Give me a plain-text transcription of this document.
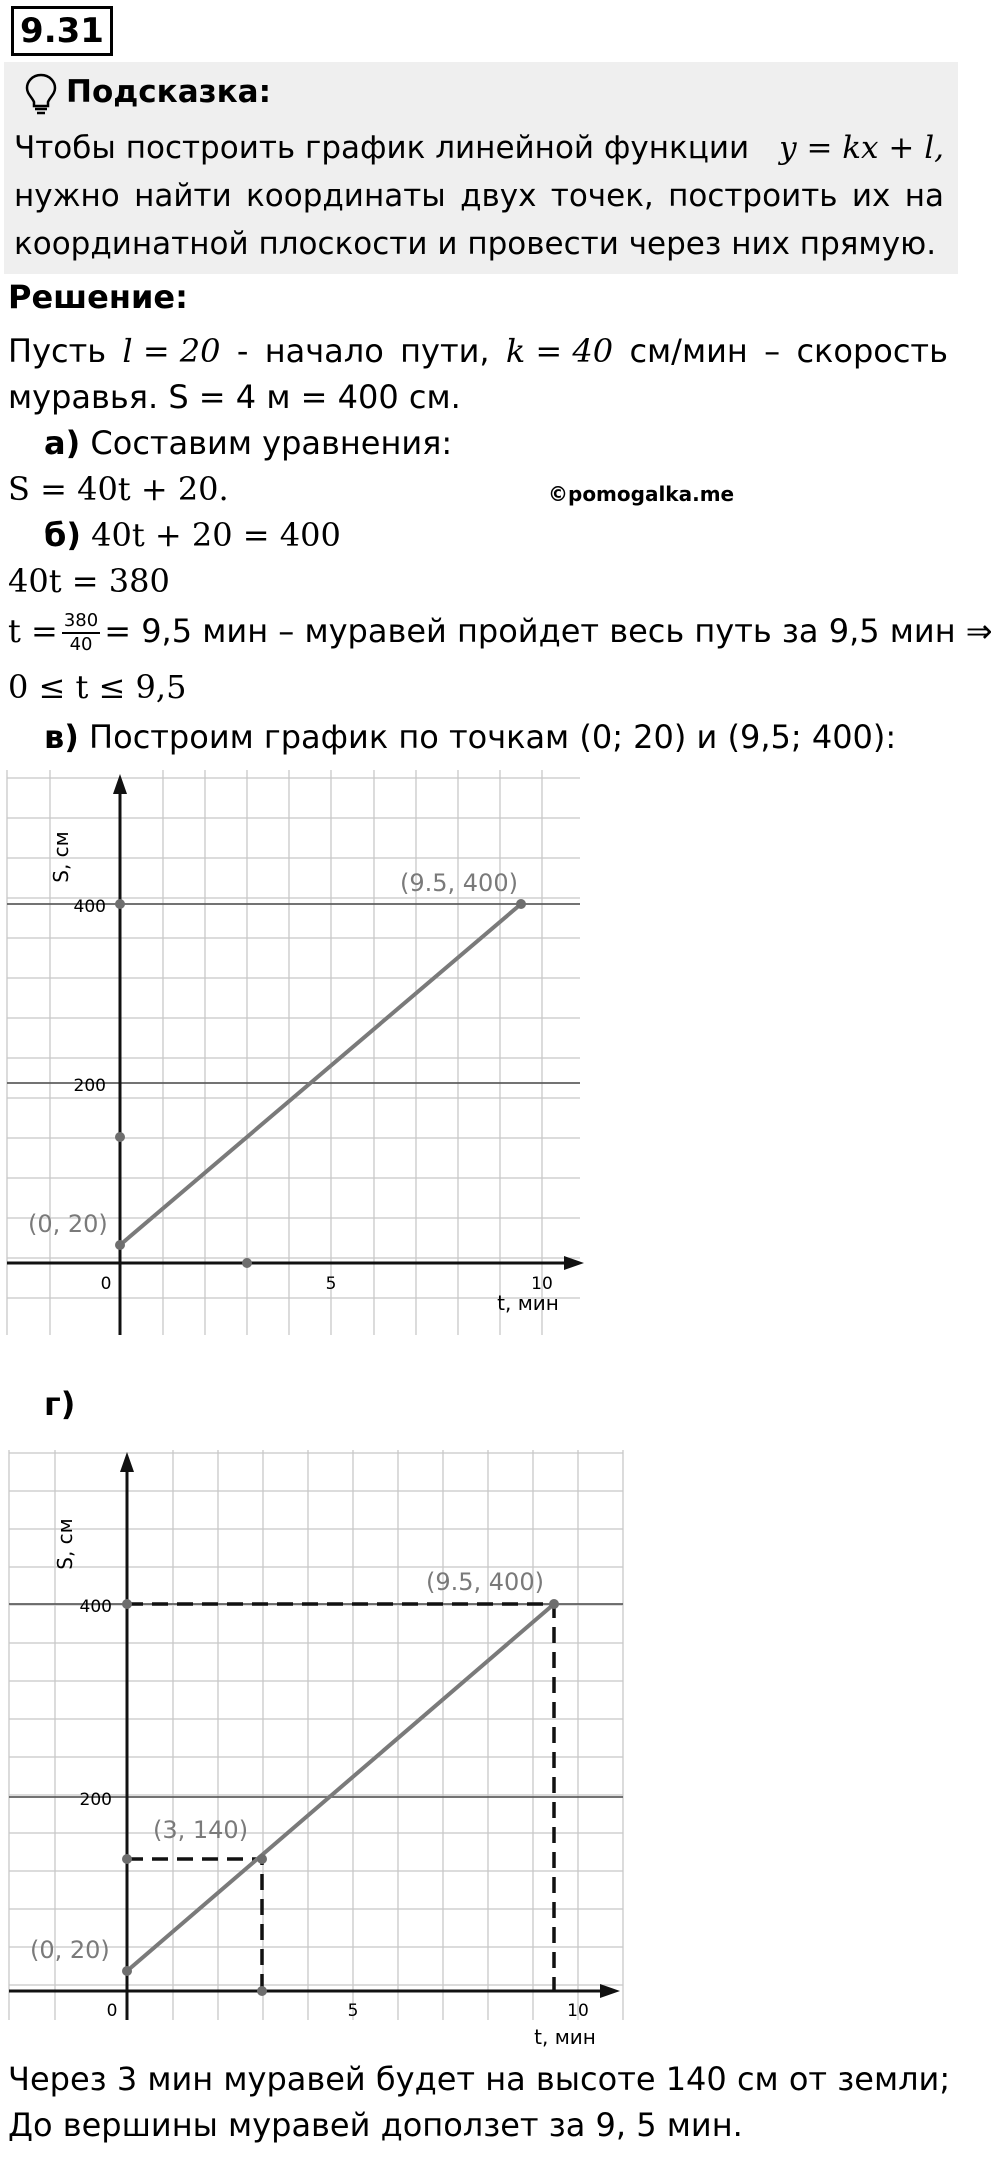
9.31
Подсказка:
Чтобы построить график линейной функции y = kx + l,
нужно найти координаты двух точек, построить их на
координатной плоскости и провести через них прямую.
Решение:
Пусть l = 20 - начало пути, k = 40 см/мин – скорость
муравья. S = 4 м = 400 см.
а) Составим уравнения:
S = 40t + 20.	©pomogalka.me
б) 40t + 20 = 400
40t = 380
$t = \frac{380}{40} = 9,5$ мин – муравей пройдет весь путь за 9,5 мин ⇒
0 ≤ t ≤ 9,5
в) Построим график по точкам (0; 20) и (9,5; 400):
S, см
t, мин
400
200
0	5	10
(9.5, 400)
(0, 20)
г)
S, см
t, мин
400
200
0	5	10
(9.5, 400)
(3, 140)
(0, 20)
Через 3 мин муравей будет на высоте 140 см от земли;
До вершины муравей доползет за 9, 5 мин.
